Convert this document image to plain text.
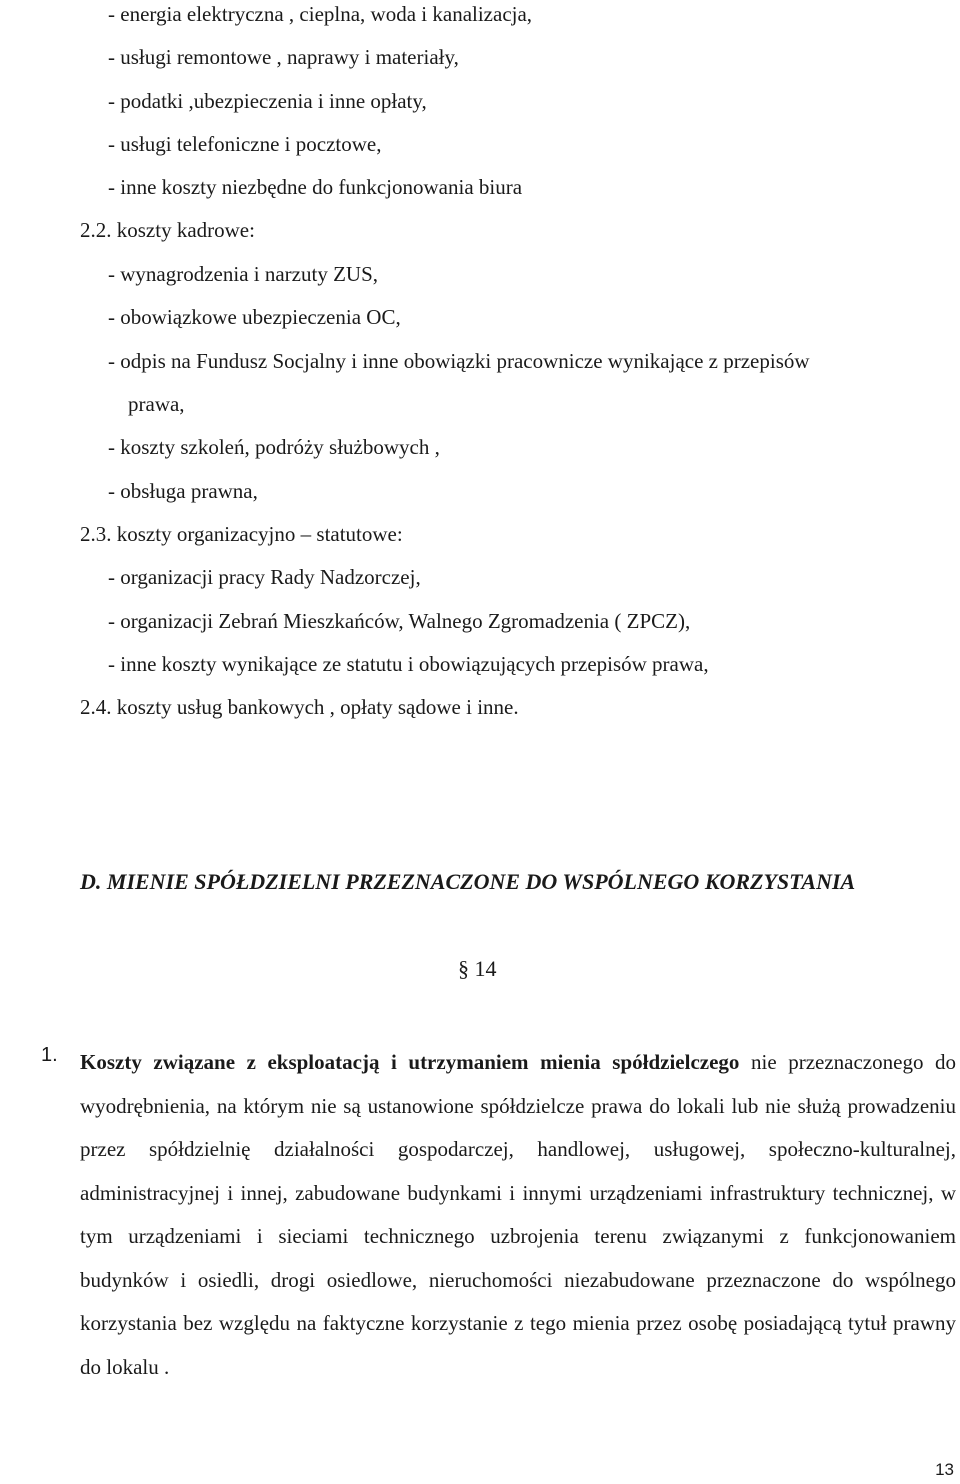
- energia elektryczna , cieplna, woda i kanalizacja,
- usługi remontowe , naprawy i materiały,
- podatki ,ubezpieczenia i inne opłaty,
- usługi telefoniczne i pocztowe,
- inne koszty niezbędne do funkcjonowania biura
2.2. koszty kadrowe:
- wynagrodzenia i narzuty ZUS,
- obowiązkowe ubezpieczenia OC,
- odpis na Fundusz Socjalny i inne obowiązki pracownicze wynikające z przepisów
prawa,
- koszty szkoleń, podróży służbowych ,
- obsługa prawna,
2.3. koszty organizacyjno – statutowe:
- organizacji pracy Rady Nadzorczej,
- organizacji Zebrań Mieszkańców, Walnego Zgromadzenia ( ZPCZ),
- inne koszty wynikające ze statutu i obowiązujących przepisów prawa,
2.4. koszty usług bankowych , opłaty sądowe i inne.
D. MIENIE SPÓŁDZIELNI PRZEZNACZONE DO WSPÓLNEGO KORZYSTANIA
§ 14
1. Koszty związane z eksploatacją i utrzymaniem mienia spółdzielczego nie przeznaczonego do wyodrębnienia, na którym nie są ustanowione spółdzielcze prawa do lokali lub nie służą prowadzeniu przez spółdzielnię działalności gospodarczej, handlowej, usługowej, społeczno-kulturalnej, administracyjnej i innej, zabudowane budynkami i innymi urządzeniami infrastruktury technicznej, w tym urządzeniami i sieciami technicznego uzbrojenia terenu związanymi z funkcjonowaniem budynków i osiedli, drogi osiedlowe, nieruchomości niezabudowane przeznaczone do wspólnego korzystania bez względu na faktyczne korzystanie z tego mienia przez osobę posiadającą tytuł prawny do lokalu .
13
